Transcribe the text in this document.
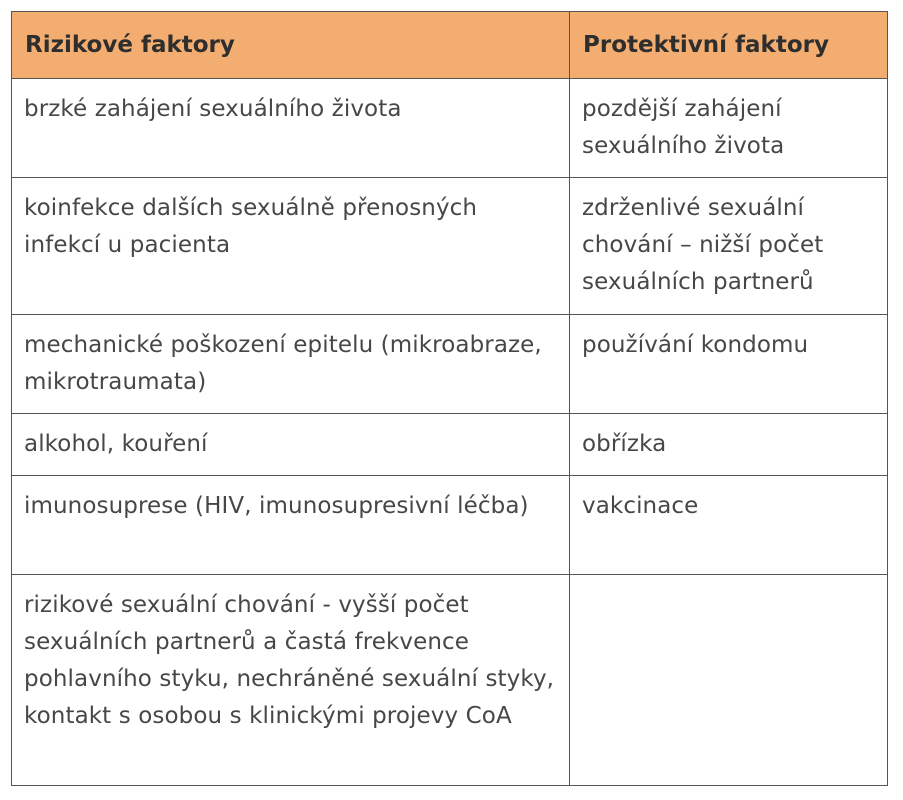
Rizikové faktory	Protektivní faktory
brzké zahájení sexuálního života	pozdější zahájení sexuálního života
koinfekce dalších sexuálně přenosných infekcí u pacienta	zdrženlivé sexuální chování – nižší počet sexuálních partnerů
mechanické poškození epitelu (mikroabraze, mikrotraumata)	používání kondomu
alkohol, kouření	obřízka
imunosuprese (HIV, imunosupresivní léčba)	vakcinace
rizikové sexuální chování - vyšší počet sexuálních partnerů a častá frekvence pohlavního styku, nechráněné sexuální styky, kontakt s osobou s klinickými projevy CoA	
